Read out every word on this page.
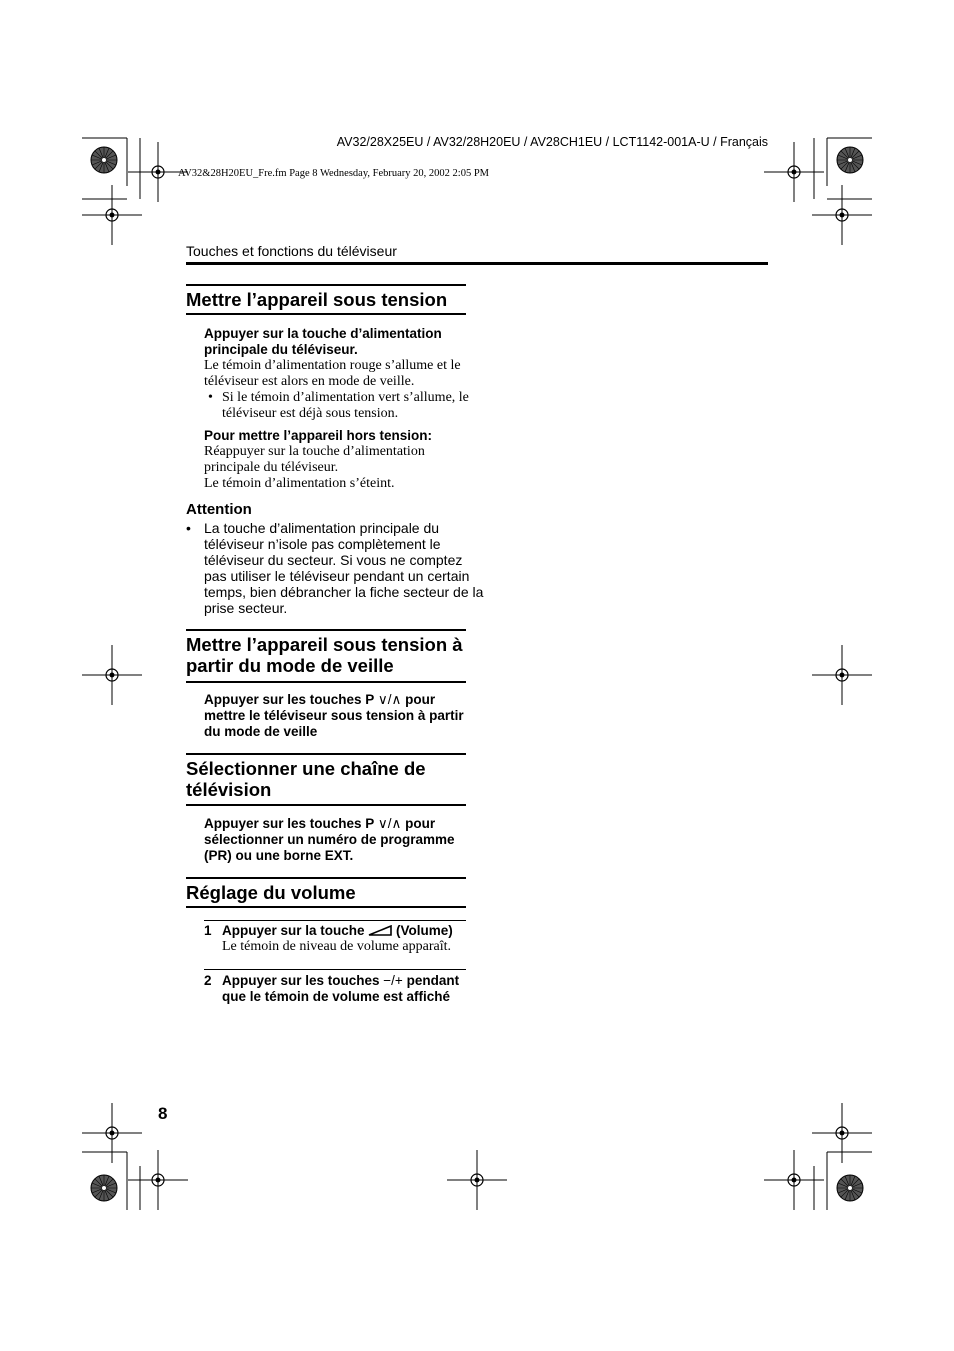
AV32/28X25EU / AV32/28H20EU / AV28CH1EU / LCT1142-001A-U / Français
AV32&28H20EU_Fre.fm Page 8 Wednesday, February 20, 2002 2:05 PM
Touches et fonctions du téléviseur
Mettre l’appareil sous tension
Appuyer sur la touche d’alimentation principale du téléviseur.
Le témoin d’alimentation rouge s’allume et le téléviseur est alors en mode de veille.
• Si le témoin d’alimentation vert s’allume, le téléviseur est déjà sous tension.
Pour mettre l’appareil hors tension:
Réappuyer sur la touche d’alimentation principale du téléviseur.
Le témoin d’alimentation s’éteint.
Attention
• La touche d’alimentation principale du téléviseur n’isole pas complètement le téléviseur du secteur. Si vous ne comptez pas utiliser le téléviseur pendant un certain temps, bien débrancher la fiche secteur de la prise secteur.
Mettre l’appareil sous tension à partir du mode de veille
Appuyer sur les touches P ∨/∧ pour mettre le téléviseur sous tension à partir du mode de veille
Sélectionner une chaîne de télévision
Appuyer sur les touches P ∨/∧ pour sélectionner un numéro de programme (PR) ou une borne EXT.
Réglage du volume
1 Appuyer sur la touche  (Volume)
Le témoin de niveau de volume apparaît.
2 Appuyer sur les touches −/+ pendant que le témoin de volume est affiché
8
